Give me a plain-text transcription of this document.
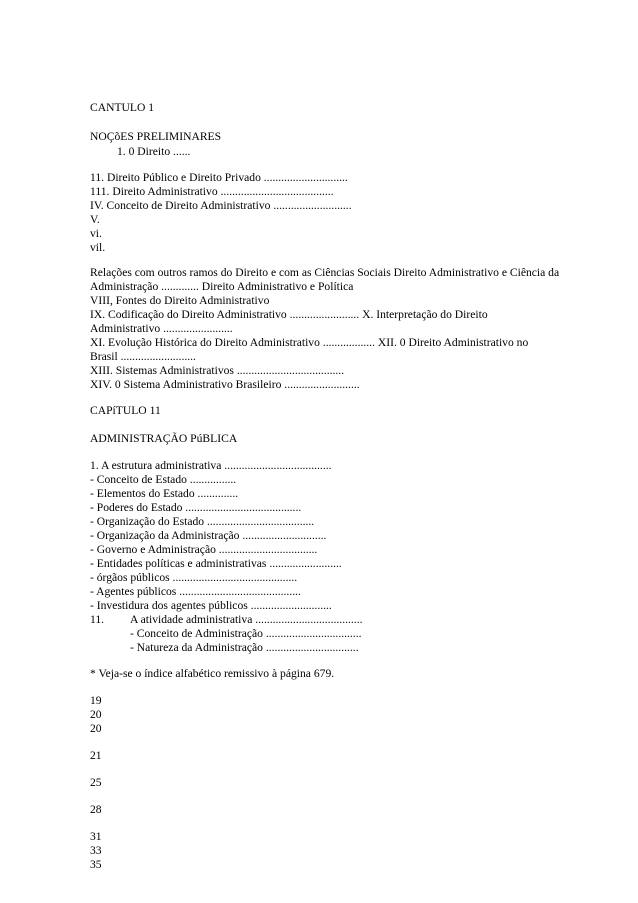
CANTULO 1
NOÇõES PRELIMINARES
1. 0 Direito ......
11. Direito Público e Direito Privado .............................
111. Direito Administrativo .......................................
IV. Conceito de Direito Administrativo ...........................
V.
vi.
vil.
Relações com outros ramos do Direito e com as Ciências Sociais Direito Administrativo e Ciência da
Administração ............. Direito Administrativo e Política
VIII, Fontes do Direito Administrativo
IX. Codificação do Direito Administrativo ........................ X. Interpretação do Direito
Administrativo ........................
XI. Evolução Histórica do Direito Administrativo .................. XII. 0 Direito Administrativo no
Brasil ..........................
XIII. Sistemas Administrativos .....................................
XIV. 0 Sistema Administrativo Brasileiro ..........................
CAPíTULO 11
ADMINISTRAÇÃO PúBLICA
1. A estrutura administrativa .....................................
- Conceito de Estado ................
- Elementos do Estado ..............
- Poderes do Estado ........................................
- Organização do Estado .....................................
- Organização da Administração .............................
- Governo e Administração ..................................
- Entidades políticas e administrativas .........................
- órgãos públicos ...........................................
- Agentes públicos ..........................................
- Investidura dos agentes públicos ............................
11. A atividade administrativa .....................................
- Conceito de Administração .................................
- Natureza da Administração ................................
* Veja-se o índice alfabético remissivo à página 679.
19
20
20
21
25
28
31
33
35
